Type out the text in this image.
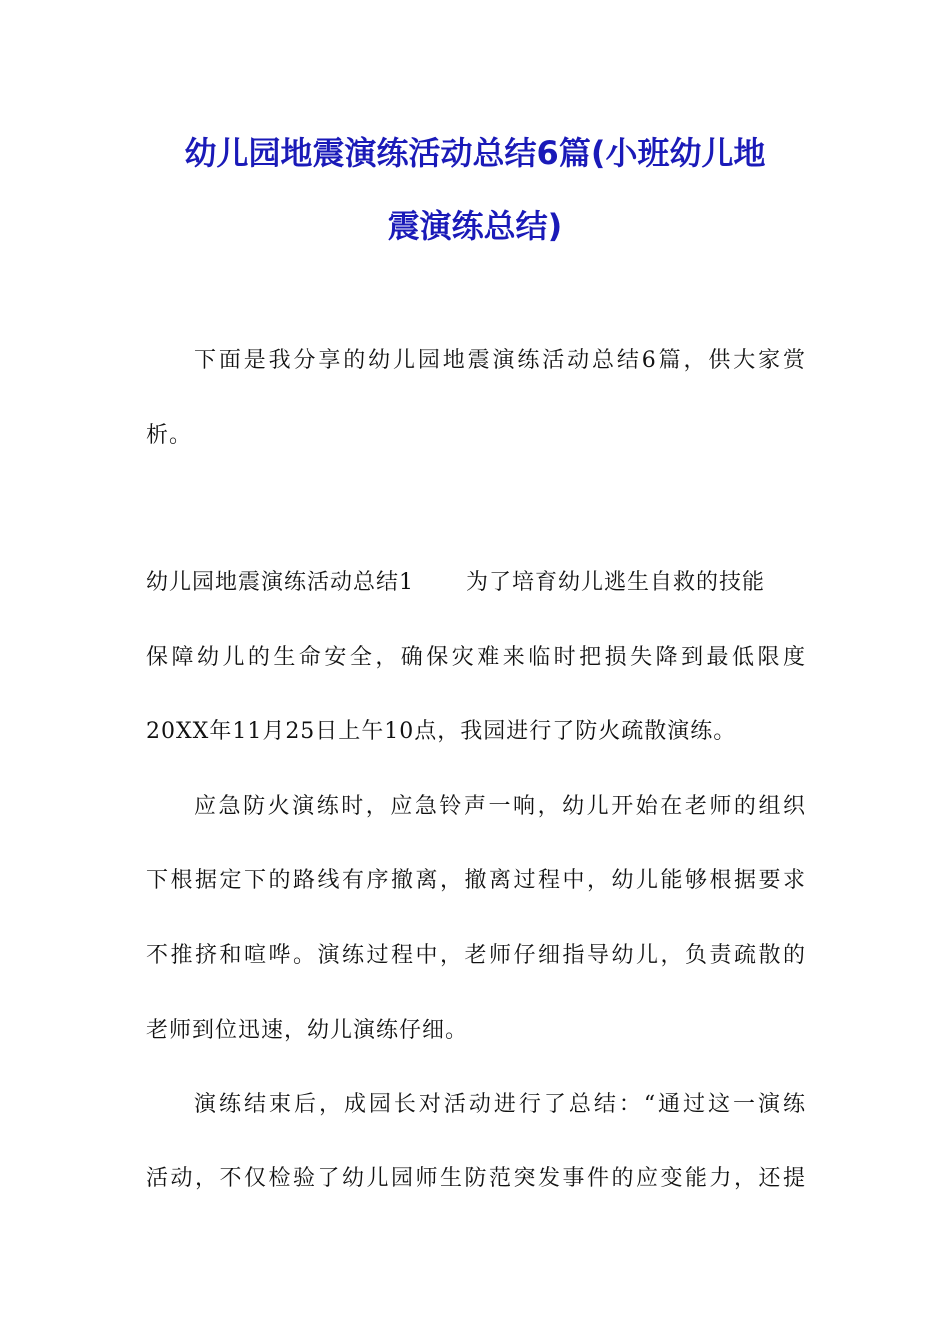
幼儿园地震演练活动总结6篇(小班幼儿地
震演练总结)
下面是我分享的幼儿园地震演练活动总结6篇，供大家赏
析。
幼儿园地震演练活动总结1 为了培育幼儿逃生自救的技能
保障幼儿的生命安全，确保灾难来临时把损失降到最低限度
20XX年11月25日上午10点，我园进行了防火疏散演练。
应急防火演练时，应急铃声一响，幼儿开始在老师的组织
下根据定下的路线有序撤离，撤离过程中，幼儿能够根据要求
不推挤和喧哗。演练过程中，老师仔细指导幼儿，负责疏散的
老师到位迅速，幼儿演练仔细。
演练结束后，成园长对活动进行了总结：“通过这一演练
活动，不仅检验了幼儿园师生防范突发事件的应变能力，还提
